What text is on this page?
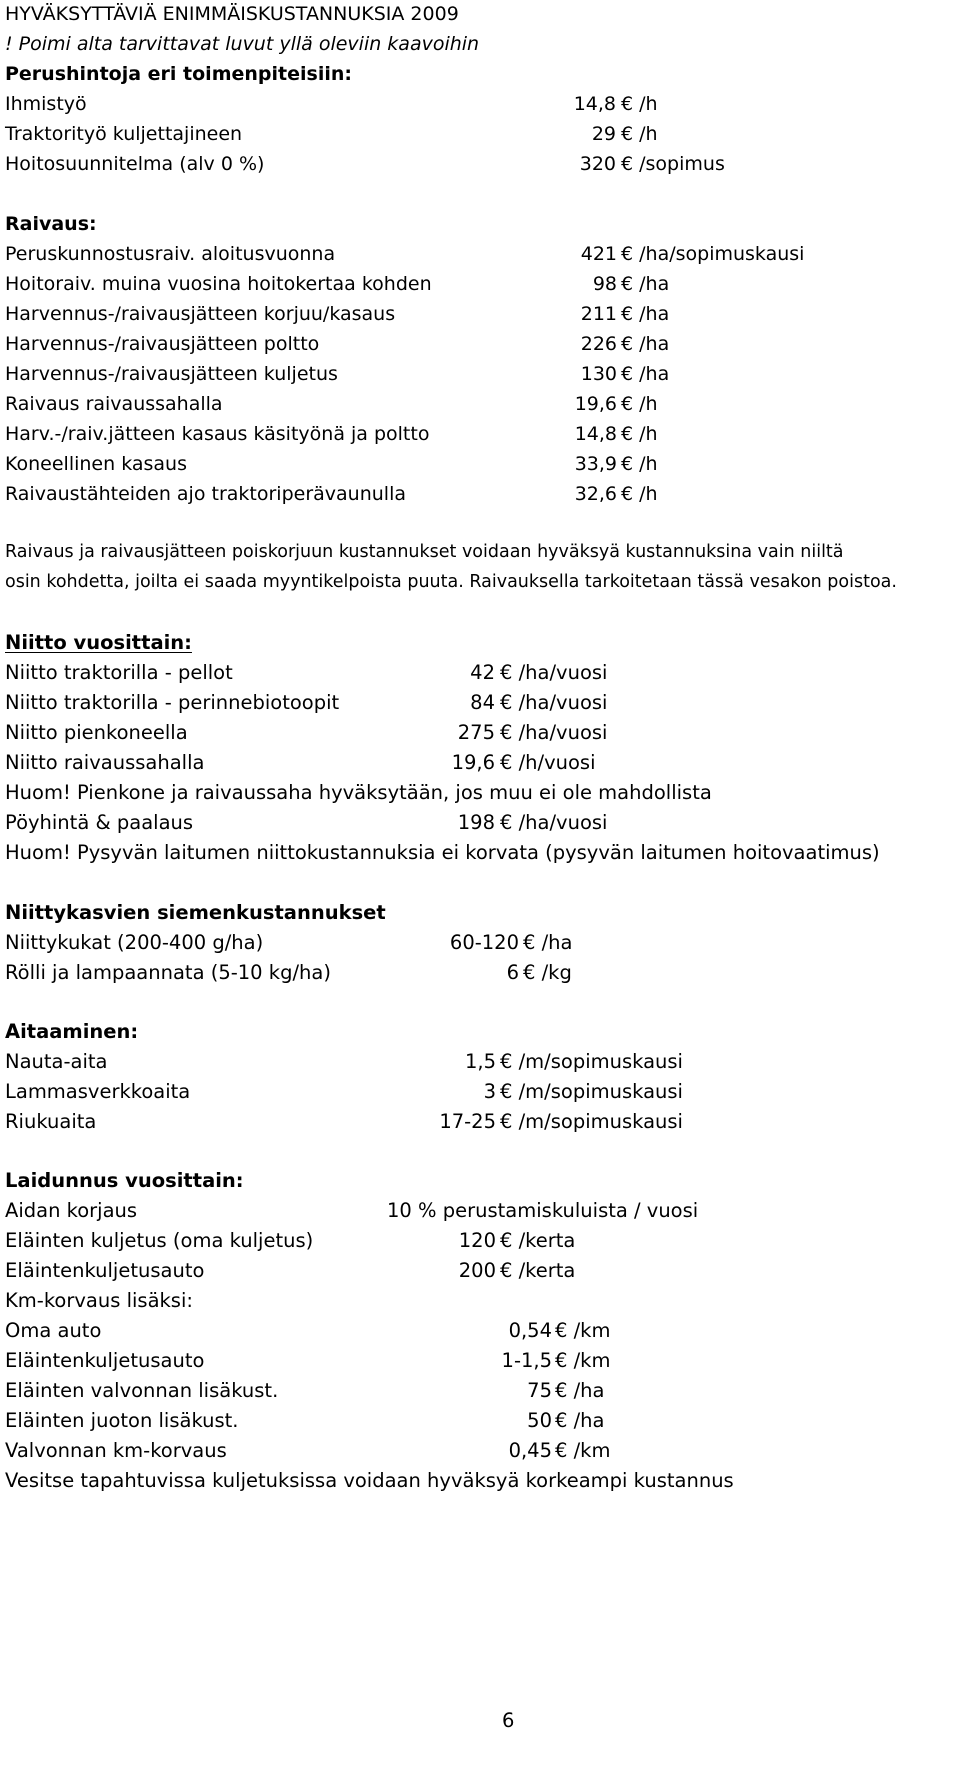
HYVÄKSYTTÄVIÄ ENIMMÄISKUSTANNUKSIA 2009
! Poimi alta tarvittavat luvut yllä oleviin kaavoihin
Perushintoja eri toimenpiteisiin:
Ihmistyö	14,8 € /h
Traktorityö kuljettajineen	29 € /h
Hoitosuunnitelma (alv 0 %)	320 € /sopimus
Raivaus:
Peruskunnostusraiv. aloitusvuonna	421 € /ha/sopimuskausi
Hoitoraiv. muina vuosina hoitokertaa kohden	98 € /ha
Harvennus-/raivausjätteen korjuu/kasaus	211 € /ha
Harvennus-/raivausjätteen poltto	226 € /ha
Harvennus-/raivausjätteen kuljetus	130 € /ha
Raivaus raivaussahalla	19,6 € /h
Harv.-/raiv.jätteen kasaus käsityönä ja poltto	14,8 € /h
Koneellinen kasaus	33,9 € /h
Raivaustähteiden ajo traktoriperävaunulla	32,6 € /h
Raivaus ja raivausjätteen poiskorjuun kustannukset voidaan hyväksyä kustannuksina vain niiltä
osin kohdetta, joilta ei saada myyntikelpoista puuta. Raivauksella tarkoitetaan tässä vesakon poistoa.
Niitto vuosittain:
Niitto traktorilla - pellot	42 € /ha/vuosi
Niitto traktorilla - perinnebiotoopit	84 € /ha/vuosi
Niitto pienkoneella	275 € /ha/vuosi
Niitto raivaussahalla	19,6 € /h/vuosi
Huom! Pienkone ja raivaussaha hyväksytään, jos muu ei ole mahdollista
Pöyhintä & paalaus	198 € /ha/vuosi
Huom! Pysyvän laitumen niittokustannuksia ei korvata (pysyvän laitumen hoitovaatimus)
Niittykasvien siemenkustannukset
Niittykukat (200-400 g/ha)	60-120 € /ha
Rölli ja lampaannata (5-10 kg/ha)	6 € /kg
Aitaaminen:
Nauta-aita	1,5 € /m/sopimuskausi
Lammasverkkoaita	3 € /m/sopimuskausi
Riukuaita	17-25 € /m/sopimuskausi
Laidunnus vuosittain:
Aidan korjaus	10 % perustamiskuluista / vuosi
Eläinten kuljetus (oma kuljetus)	120 € /kerta
Eläintenkuljetusauto	200 € /kerta
Km-korvaus lisäksi:
Oma auto	0,54 € /km
Eläintenkuljetusauto	1-1,5 € /km
Eläinten valvonnan lisäkust.	75 € /ha
Eläinten juoton lisäkust.	50 € /ha
Valvonnan km-korvaus	0,45 € /km
Vesitse tapahtuvissa kuljetuksissa voidaan hyväksyä korkeampi kustannus
6
